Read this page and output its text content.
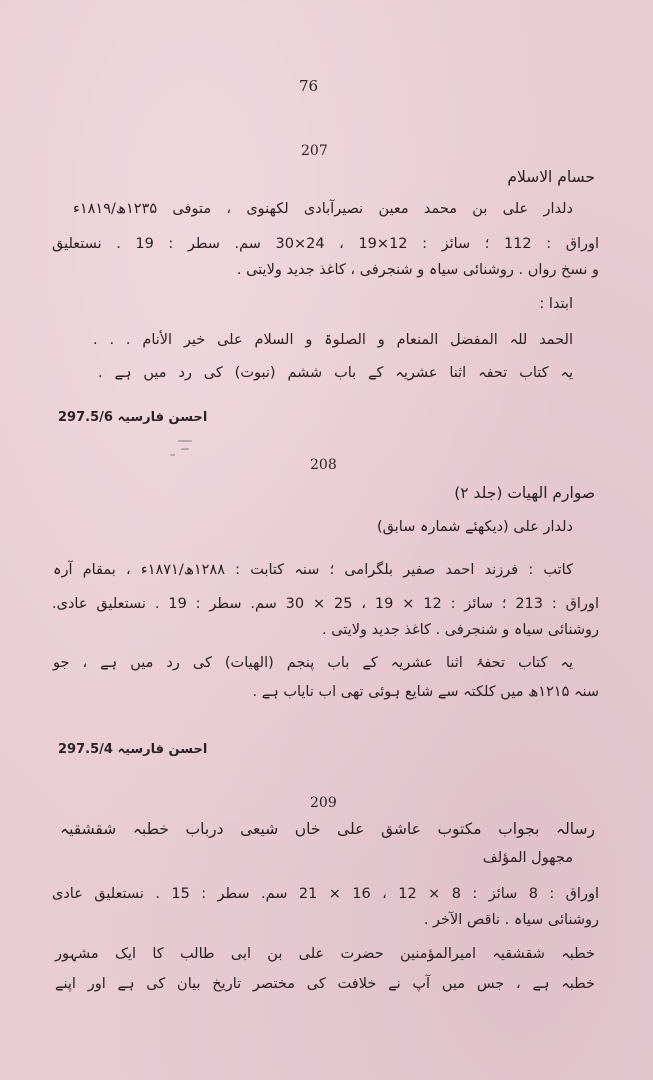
76
207
حسام الاسلام
دلدار علی بن محمد معین نصیرآبادی لکھنوی ، متوفی ۱۲۳۵ھ/۱۸۱۹ء
اوراق : 112 ؛ سائز : 12×19 ، 24×30 سم. سطر : 19 . نستعلیق
و نسخ رواں . روشنائی سیاہ و شنجرفی ، کاغذ جدید ولایتی .
ابتدا :
الحمد للہ المفضل المنعام و الصلوۃ و السلام علی خیر الأنام . . .
یہ کتاب تحفہ اثنا عشریہ کے باب ششم (نبوت) کی رد میں ہے .
احسن فارسیہ 297.5/6
208
صوارم الهیات (جلد ۲)
دلدار علی (دیکھئے شمارہ سابق)
کاتب : فرزند احمد صفیر بلگرامی ؛ سنہ کتابت : ۱۲۸۸ھ/۱۸۷۱ء ، بمقام آرہ
اوراق : 213 ؛ سائز : 12 × 19 ، 25 × 30 سم. سطر : 19 . نستعلیق عادی.
روشنائی سیاہ و شنجرفی . کاغذ جدید ولایتی .
یہ کتاب تحفۂ اثنا عشریہ کے باب پنجم (الهیات) کی رد میں ہے ، جو
سنہ ۱۲۱۵ھ میں کلکتہ سے شایع ہوئی تھی اب نایاب ہے .
احسن فارسیہ 297.5/4
209
رسالہ بجواب مکتوب عاشق علی خاں شیعی درباب خطبہ شقشقیہ
مجهول المؤلف
اوراق : 8 سائز : 8 × 12 ، 16 × 21 سم. سطر : 15 . نستعلیق عادی
روشنائی سیاہ . ناقص الآخر .
خطبہ شقشقیہ امیرالمؤمنین حضرت علی بن ابی طالب کا ایک مشہور
خطبہ ہے ، جس میں آپ نے خلافت کی مختصر تاریخ بیان کی ہے اور اپنے
